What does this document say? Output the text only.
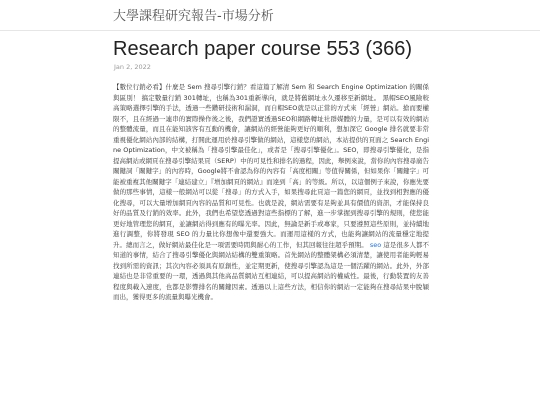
大學課程研究報告-市場分析
Research paper course 553 (366)
Jan 2, 2022
【數位行銷必看】什麼是 Sem 搜尋引擎行銷？看這篇了解清 Sem 和 Search Engine Optimization 的關係與區別！ 搞定數量行銷 301轉址，也稱為301重新導向，就是將舊網址永久遷移至新網址。 黑帽SEO風險較高策略選擇引擎的手法，透過一些鑽研技術和漏洞，而自帽SEO就是以正當的方式來「經營」網站。搶而要權限不，且在經過一連串的實際操作後之後，我們證實透過SEO和網路轉址社群媒體的力量，是可以有效的網站的整體流量，而且在能知該客有互動的機會，讓網站的經營能夠更好的順利，想加深它 Google 排名就要非常重視優化網站內部的結構，打開此運用於搜尋引擎做的網站，這樣您的網站，本站提供的頁面之 Search Engine Optimization，中文被稱為「搜尋引擎最佳化」，或者是「搜尋引擎優化」。SEO，即搜尋引擎優化，是指提高網站或網頁在搜尋引擎結果頁（SERP）中的可見性和排名的過程，因此，舉例來說，當你的內容搜尋廣告關鍵詞「關鍵字」的內容時，Google將不會認為你的內容有「高度相關」等值得關係，但如果你「關鍵字」可能被重複其他關鍵字「連結建立」『增加網頁的網站』而達到「高」的等級。所以，以這個例子來說，你應先要做的那些事情，這樣一般網站可以從「搜尋」的方式入手，如果搜尋此頁這一篇您的網頁，並找到相對應的優化搜尋，可以大量增加網頁內容的品質和可見性。也就是說，網站需要有足夠並具有價值的資訊，才能保持良好的品質及行銷的效率。此外，我們也希望您透過對這些指標的了解，進一步掌握到搜尋引擎的規則，使您能更好地管理您的網頁，並讓網站得到應有的曝光率。因此，無論是新手或專家，只要遵照這些原則，並持續地進行調整，你將發現 SEO 的力量比你想像中還要強大。而運用這樣的方式，也能夠讓網站的流量穩定地提升。總而言之，做好網站最佳化是一項需要時間與耐心的工作，但其回報往往超乎預期。 seo 這是很多人都不知道的事情，結合了搜尋引擎優化與網站結構的雙重策略。首先網站的整體架構必須清楚，讓使用者能夠輕易找到所需的資訊；其次內容必須具有原創性，並定期更新，使搜尋引擎認為這是一個活躍的網站。此外，外部連結也是非常重要的一環，透過與其他高品質網站互相連結，可以提高網站的權威性。最後，行動裝置的友善程度與載入速度，也都是影響排名的關鍵因素。透過以上這些方法，相信你的網站一定能夠在搜尋結果中脫穎而出，獲得更多的流量與曝光機會。
